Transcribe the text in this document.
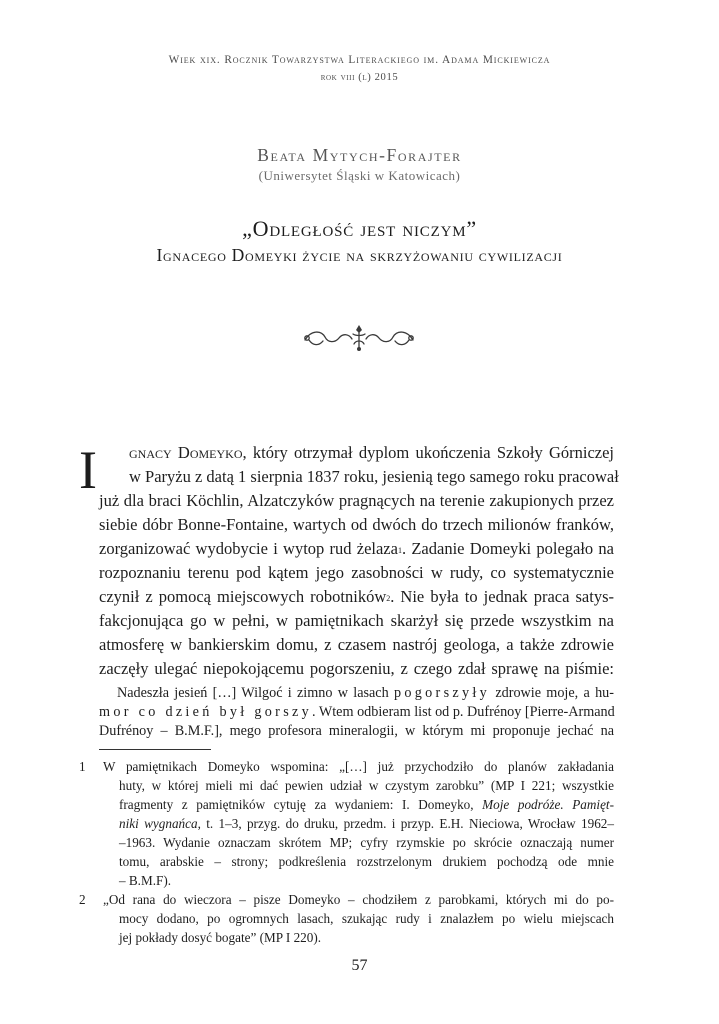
Wiek xix. Rocznik Towarzystwa Literackiego im. Adama Mickiewicza
rok viii (l) 2015
Beata Mytych-Forajter
(Uniwersytet Śląski w Katowicach)
„Odległość jest niczym”
Ignacego Domeyki życie na skrzyżowaniu cywilizacji
I gnacy Domeyko, który otrzymał dyplom ukończenia Szkoły Górniczej
w Paryżu z datą 1 sierpnia 1837 roku, jesienią tego samego roku pracował
już dla braci Köchlin, Alzatczyków pragnących na terenie zakupionych przez
siebie dóbr Bonne-Fontaine, wartych od dwóch do trzech milionów franków,
zorganizować wydobycie i wytop rud żelaza$^1$. Zadanie Domeyki polegało na
rozpoznaniu terenu pod kątem jego zasobności w rudy, co systematycznie
czynił z pomocą miejscowych robotników$^2$. Nie była to jednak praca satys-
fakcjonująca go w pełni, w pamiętnikach skarżył się przede wszystkim na
atmosferę w bankierskim domu, z czasem nastrój geologa, a także zdrowie
zaczęły ulegać niepokojącemu pogorszeniu, z czego zdał sprawę na piśmie:
Nadeszła jesień […] Wilgoć i zimno w lasach pogorszyły zdrowie moje, a hu-
mor co dzień był gorszy. Wtem odbieram list od p. Dufrénoy [Pierre-Armand
Dufrénoy – B.M.F.], mego profesora mineralogii, w którym mi proponuje jechać na
1 W pamiętnikach Domeyko wspomina: „[…] już przychodziło do planów zakładania
huty, w której mieli mi dać pewien udział w czystym zarobku” (MP I 221; wszystkie
fragmenty z pamiętników cytuję za wydaniem: I. Domeyko, Moje podróże. Pamięt-
niki wygnańca, t. 1–3, przyg. do druku, przedm. i przyp. E.H. Nieciowa, Wrocław 1962–
–1963. Wydanie oznaczam skrótem MP; cyfry rzymskie po skrócie oznaczają numer
tomu, arabskie – strony; podkreślenia rozstrzelonym drukiem pochodzą ode mnie
– B.M.F).
2 „Od rana do wieczora – pisze Domeyko – chodziłem z parobkami, których mi do po-
mocy dodano, po ogromnych lasach, szukając rudy i znalazłem po wielu miejscach
jej pokłady dosyć bogate” (MP I 220).
57
